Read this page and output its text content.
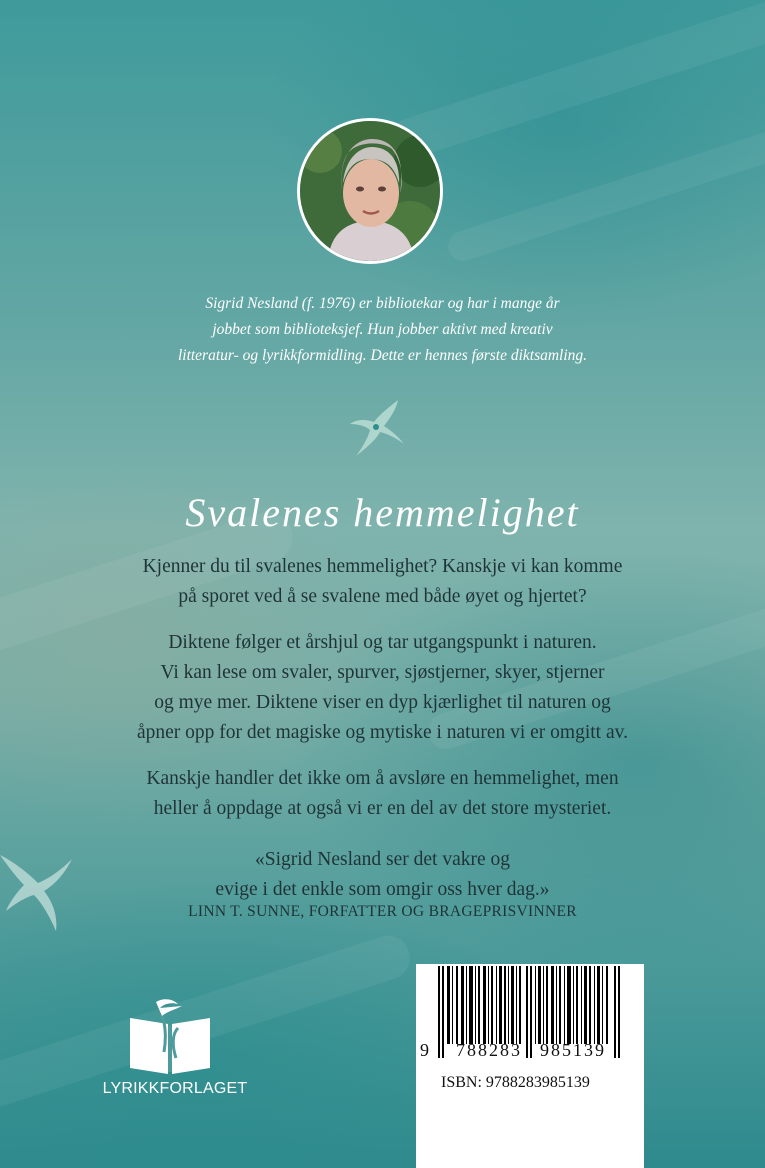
Sigrid Nesland (f. 1976) er bibliotekar og har i mange år
jobbet som biblioteksjef. Hun jobber aktivt med kreativ
litteratur- og lyrikkformidling. Dette er hennes første diktsamling.
Svalenes hemmelighet
Kjenner du til svalenes hemmelighet? Kanskje vi kan komme
på sporet ved å se svalene med både øyet og hjertet?
Diktene følger et årshjul og tar utgangspunkt i naturen.
Vi kan lese om svaler, spurver, sjøstjerner, skyer, stjerner
og mye mer. Diktene viser en dyp kjærlighet til naturen og
åpner opp for det magiske og mytiske i naturen vi er omgitt av.
Kanskje handler det ikke om å avsløre en hemmelighet, men
heller å oppdage at også vi er en del av det store mysteriet.
«Sigrid Nesland ser det vakre og
evige i det enkle som omgir oss hver dag.»
LINN T. SUNNE, FORFATTER OG BRAGEPRISVINNER
LYRIKKFORLAGET
9 788283 985139
ISBN: 9788283985139
